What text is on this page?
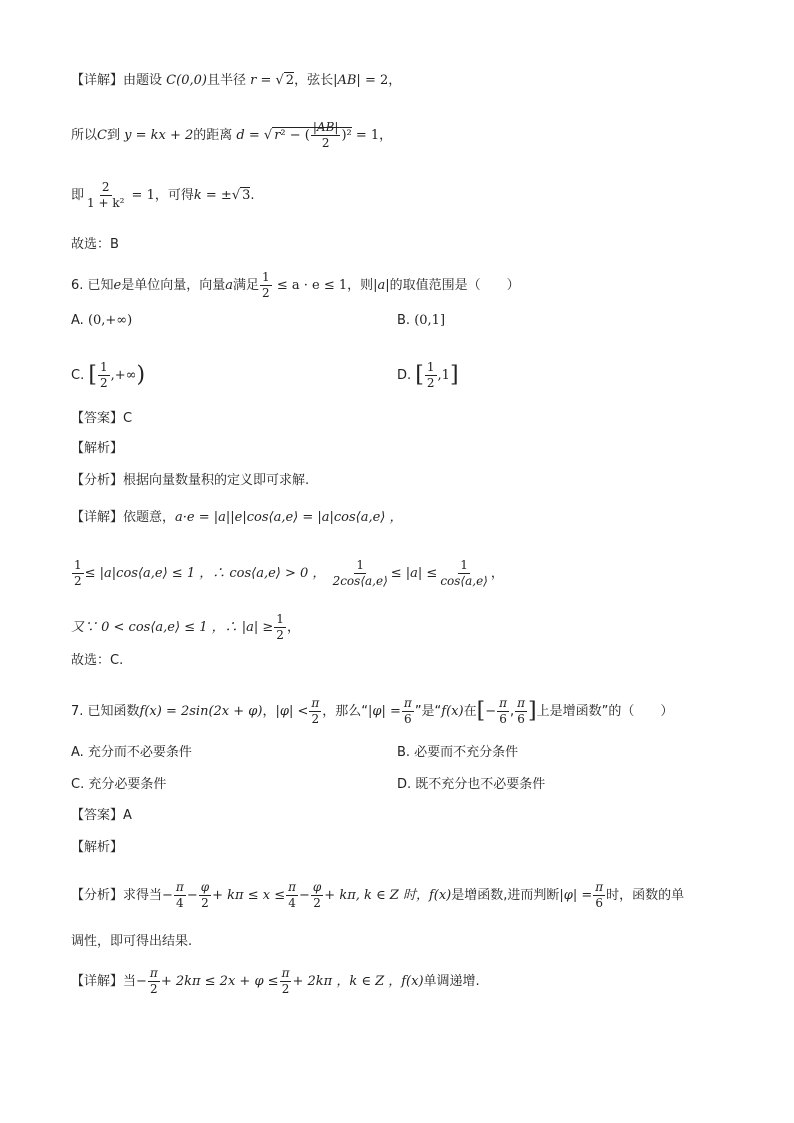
【详解】由题设 C(0,0)且半径 r = √ 2，弦长|AB| = 2，
所以C到 y = kx + 2的距离 d = √ r² − ( $\frac{|AB|}{2} )^2 = 1$，
即 $\frac{2}{\text{1 + k²}} = 1$，可得k = ±√ 3.
故选：B
6. 已知e是单位向量，向量a满足 $\frac{1}{2} \le a \cdot e \le 1$，则|a|的取值范围是（　　）
A. (0,+∞)	B. (0,1]
C. [ $\frac{1}{2}$ ,+∞)	D. [ $\frac{1}{2} ,1$]
【答案】C
【解析】
【分析】根据向量数量积的定义即可求解.
【详解】依题意，a·e = |a||e|cos⟨a,e⟩ = |a|cos⟨a,e⟩ ，
$\frac{1}{2}$ ≤ |a|cos⟨a,e⟩ ≤ 1 ，∴ cos⟨a,e⟩ > 0 ， $\frac{1}{2\cos⟨a,e⟩} \le |a| \le \frac{1}{\cos⟨a,e⟩}$ ，
又∵ 0 < cos⟨a,e⟩ ≤ 1 ，∴ $|a| \ge \frac{1}{2}$ ，
故选：C.
7. 已知函数f(x) = 2sin(2x + φ)，$|\varphi| < \frac{\pi}{2}$ ，那么“$|\varphi| = \frac{\pi}{6}$ ”是“f(x)在[− $\frac{\pi}{6}$ , $\frac{\pi}{6}$ ]上是增函数”的（　　）
A. 充分而不必要条件	B. 必要而不充分条件
C. 充分必要条件	D. 既不充分也不必要条件
【答案】A
【解析】
【分析】求得当− $\frac{\pi}{4} - \frac{\varphi}{2} + k\pi \le x \le \frac{\pi}{4} - \frac{\varphi}{2} + k\pi$, k ∈ Z 时，f(x)是增函数,进而判断$|\varphi| = \frac{\pi}{6}$ 时，函数的单
调性，即可得出结果.
【详解】当− $\frac{\pi}{2} + 2k\pi \le 2x + \varphi \le \frac{\pi}{2} + 2k\pi$ ，k ∈ Z ，f(x)单调递增.
